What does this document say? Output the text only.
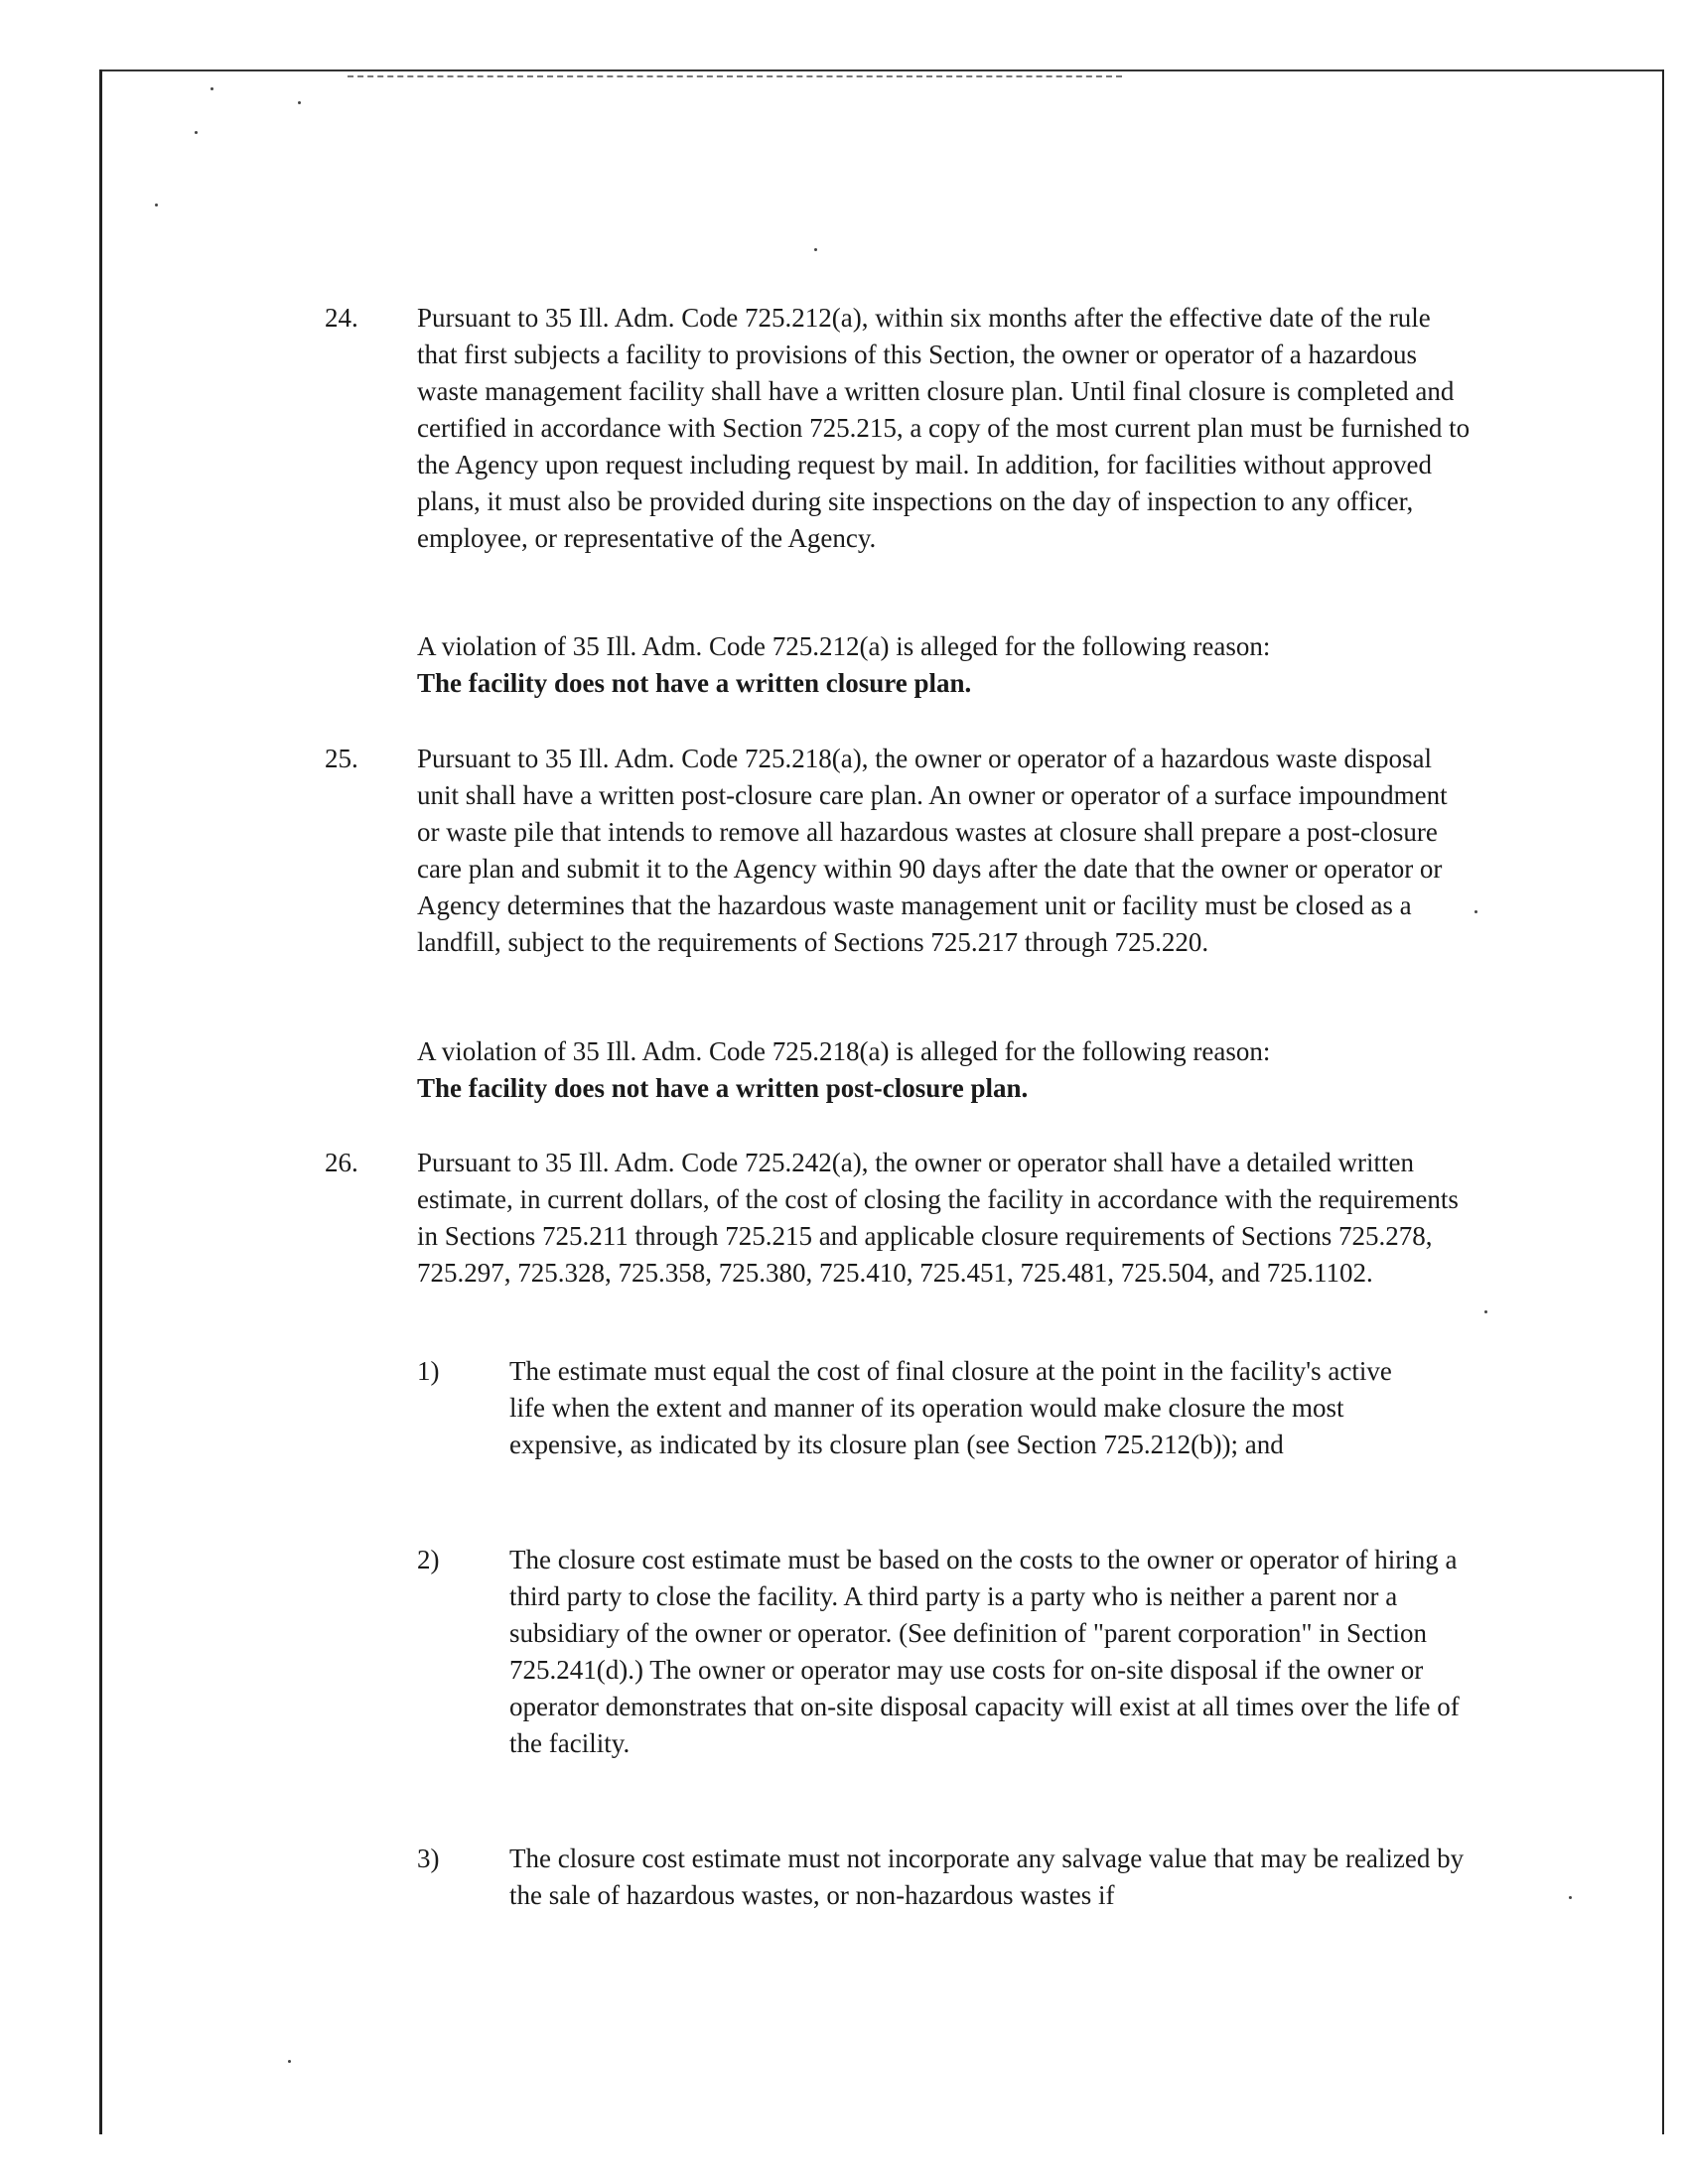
24. Pursuant to 35 Ill. Adm. Code 725.212(a), within six months after the effective date of the rule that first subjects a facility to provisions of this Section, the owner or operator of a hazardous waste management facility shall have a written closure plan. Until final closure is completed and certified in accordance with Section 725.215, a copy of the most current plan must be furnished to the Agency upon request including request by mail. In addition, for facilities without approved plans, it must also be provided during site inspections on the day of inspection to any officer, employee, or representative of the Agency.

A violation of 35 Ill. Adm. Code 725.212(a) is alleged for the following reason:
The facility does not have a written closure plan.

25. Pursuant to 35 Ill. Adm. Code 725.218(a), the owner or operator of a hazardous waste disposal unit shall have a written post-closure care plan. An owner or operator of a surface impoundment or waste pile that intends to remove all hazardous wastes at closure shall prepare a post-closure care plan and submit it to the Agency within 90 days after the date that the owner or operator or Agency determines that the hazardous waste management unit or facility must be closed as a landfill, subject to the requirements of Sections 725.217 through 725.220.

A violation of 35 Ill. Adm. Code 725.218(a) is alleged for the following reason:
The facility does not have a written post-closure plan.

26. Pursuant to 35 Ill. Adm. Code 725.242(a), the owner or operator shall have a detailed written estimate, in current dollars, of the cost of closing the facility in accordance with the requirements in Sections 725.211 through 725.215 and applicable closure requirements of Sections 725.278, 725.297, 725.328, 725.358, 725.380, 725.410, 725.451, 725.481, 725.504, and 725.1102.

1)	The estimate must equal the cost of final closure at the point in the facility's active life when the extent and manner of its operation would make closure the most expensive, as indicated by its closure plan (see Section 725.212(b)); and

2)	The closure cost estimate must be based on the costs to the owner or operator of hiring a third party to close the facility. A third party is a party who is neither a parent nor a subsidiary of the owner or operator. (See definition of "parent corporation" in Section 725.241(d).) The owner or operator may use costs for on-site disposal if the owner or operator demonstrates that on-site disposal capacity will exist at all times over the life of the facility.

3)	The closure cost estimate must not incorporate any salvage value that may be realized by the sale of hazardous wastes, or non-hazardous wastes if
